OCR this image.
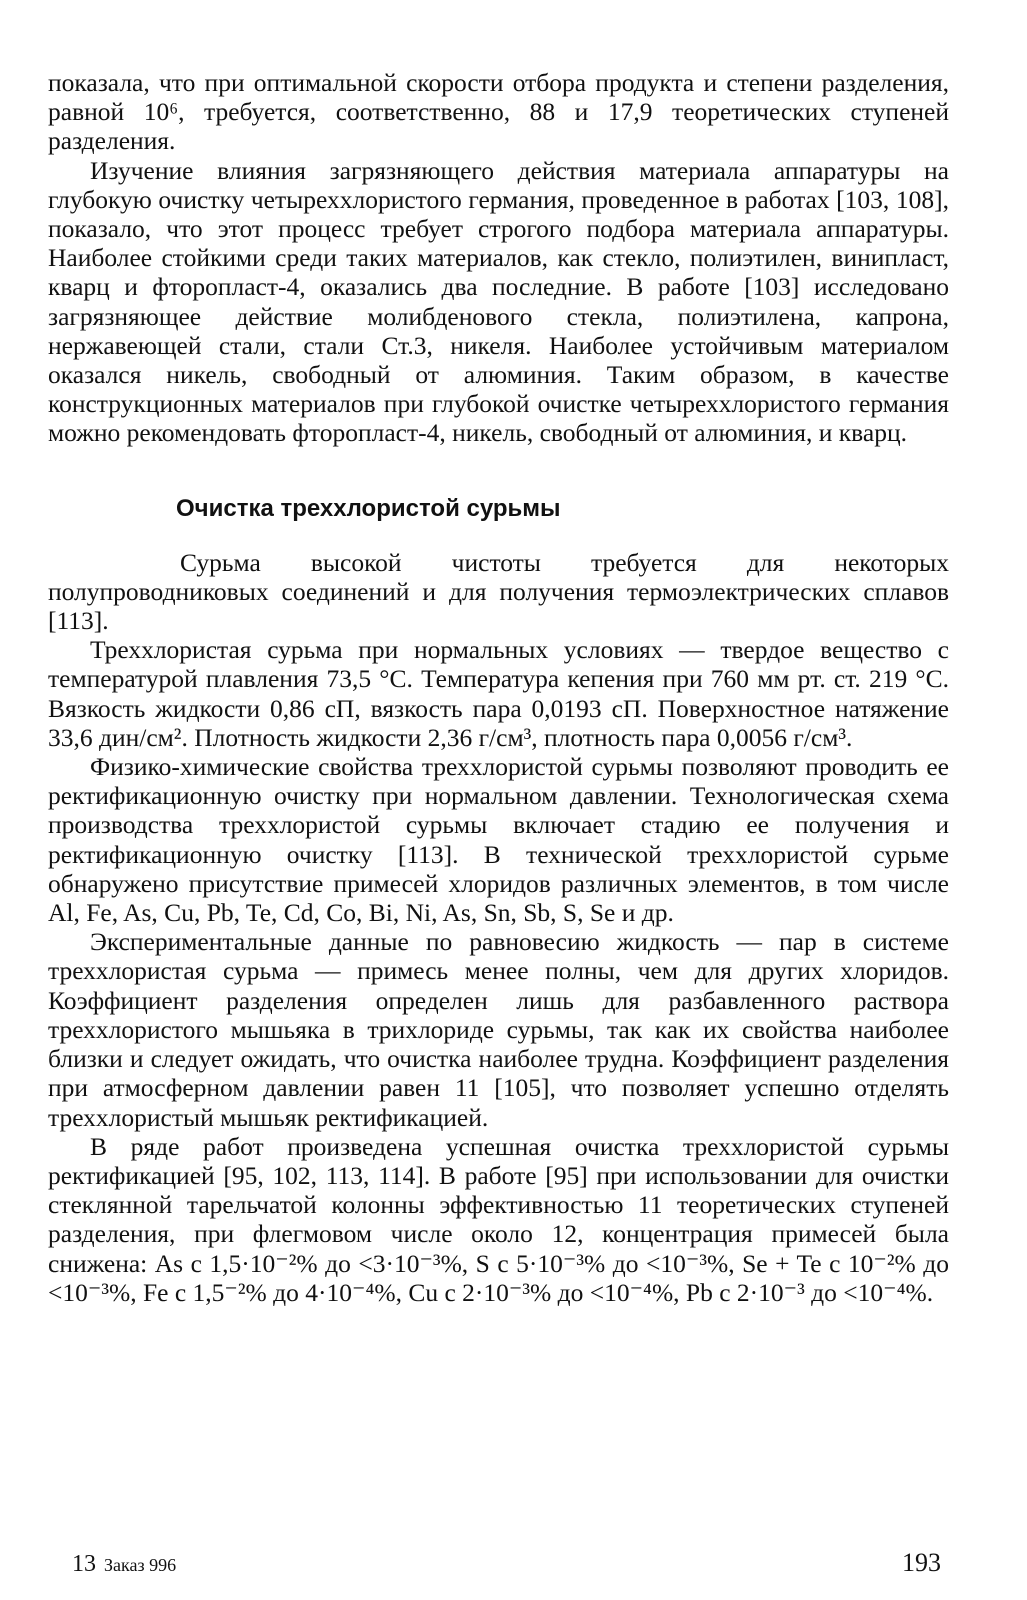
показала, что при оптимальной скорости отбора продукта и степени разделения, равной 10⁶, требуется, соответственно, 88 и 17,9 теоретических ступеней разделения.

Изучение влияния загрязняющего действия материала аппаратуры на глубокую очистку четыреххлористого германия, проведенное в работах [103, 108], показало, что этот процесс требует строгого подбора материала аппаратуры. Наиболее стойкими среди таких материалов, как стекло, полиэтилен, винипласт, кварц и фторопласт-4, оказались два последние. В работе [103] исследовано загрязняющее действие молибденового стекла, полиэтилена, капрона, нержавеющей стали, стали Ст.3, никеля. Наиболее устойчивым материалом оказался никель, свободный от алюминия. Таким образом, в качестве конструкционных материалов при глубокой очистке четыреххлористого германия можно рекомендовать фторопласт-4, никель, свободный от алюминия, и кварц.

Очистка треххлористой сурьмы

Сурьма высокой чистоты требуется для некоторых полупроводниковых соединений и для получения термоэлектрических сплавов [113].

Треххлористая сурьма при нормальных условиях — твердое вещество с температурой плавления 73,5 °С. Температура кепения при 760 мм рт. ст. 219 °С. Вязкость жидкости 0,86 сП, вязкость пара 0,0193 сП. Поверхностное натяжение 33,6 дин/см². Плотность жидкости 2,36 г/см³, плотность пара 0,0056 г/см³.

Физико-химические свойства треххлористой сурьмы позволяют проводить ее ректификационную очистку при нормальном давлении. Технологическая схема производства треххлористой сурьмы включает стадию ее получения и ректификационную очистку [113]. В технической треххлористой сурьме обнаружено присутствие примесей хлоридов различных элементов, в том числе Al, Fe, As, Cu, Pb, Te, Cd, Co, Bi, Ni, As, Sn, Sb, S, Se и др.

Экспериментальные данные по равновесию жидкость — пар в системе треххлористая сурьма — примесь менее полны, чем для других хлоридов. Коэффициент разделения определен лишь для разбавленного раствора треххлористого мышьяка в трихлориде сурьмы, так как их свойства наиболее близки и следует ожидать, что очистка наиболее трудна. Коэффициент разделения при атмосферном давлении равен 11 [105], что позволяет успешно отделять треххлористый мышьяк ректификацией.

В ряде работ произведена успешная очистка треххлористой сурьмы ректификацией [95, 102, 113, 114]. В работе [95] при использовании для очистки стеклянной тарельчатой колонны эффективностью 11 теоретических ступеней разделения, при флегмовом числе около 12, концентрация примесей была снижена: As с 1,5·10⁻²% до <3·10⁻³%, S с 5·10⁻³% до <10⁻³%, Se + Te с 10⁻²% до <10⁻³%, Fe с 1,5⁻²% до 4·10⁻⁴%, Cu с 2·10⁻³% до <10⁻⁴%, Pb с 2·10⁻³ до <10⁻⁴%.

13 Заказ 996	193
